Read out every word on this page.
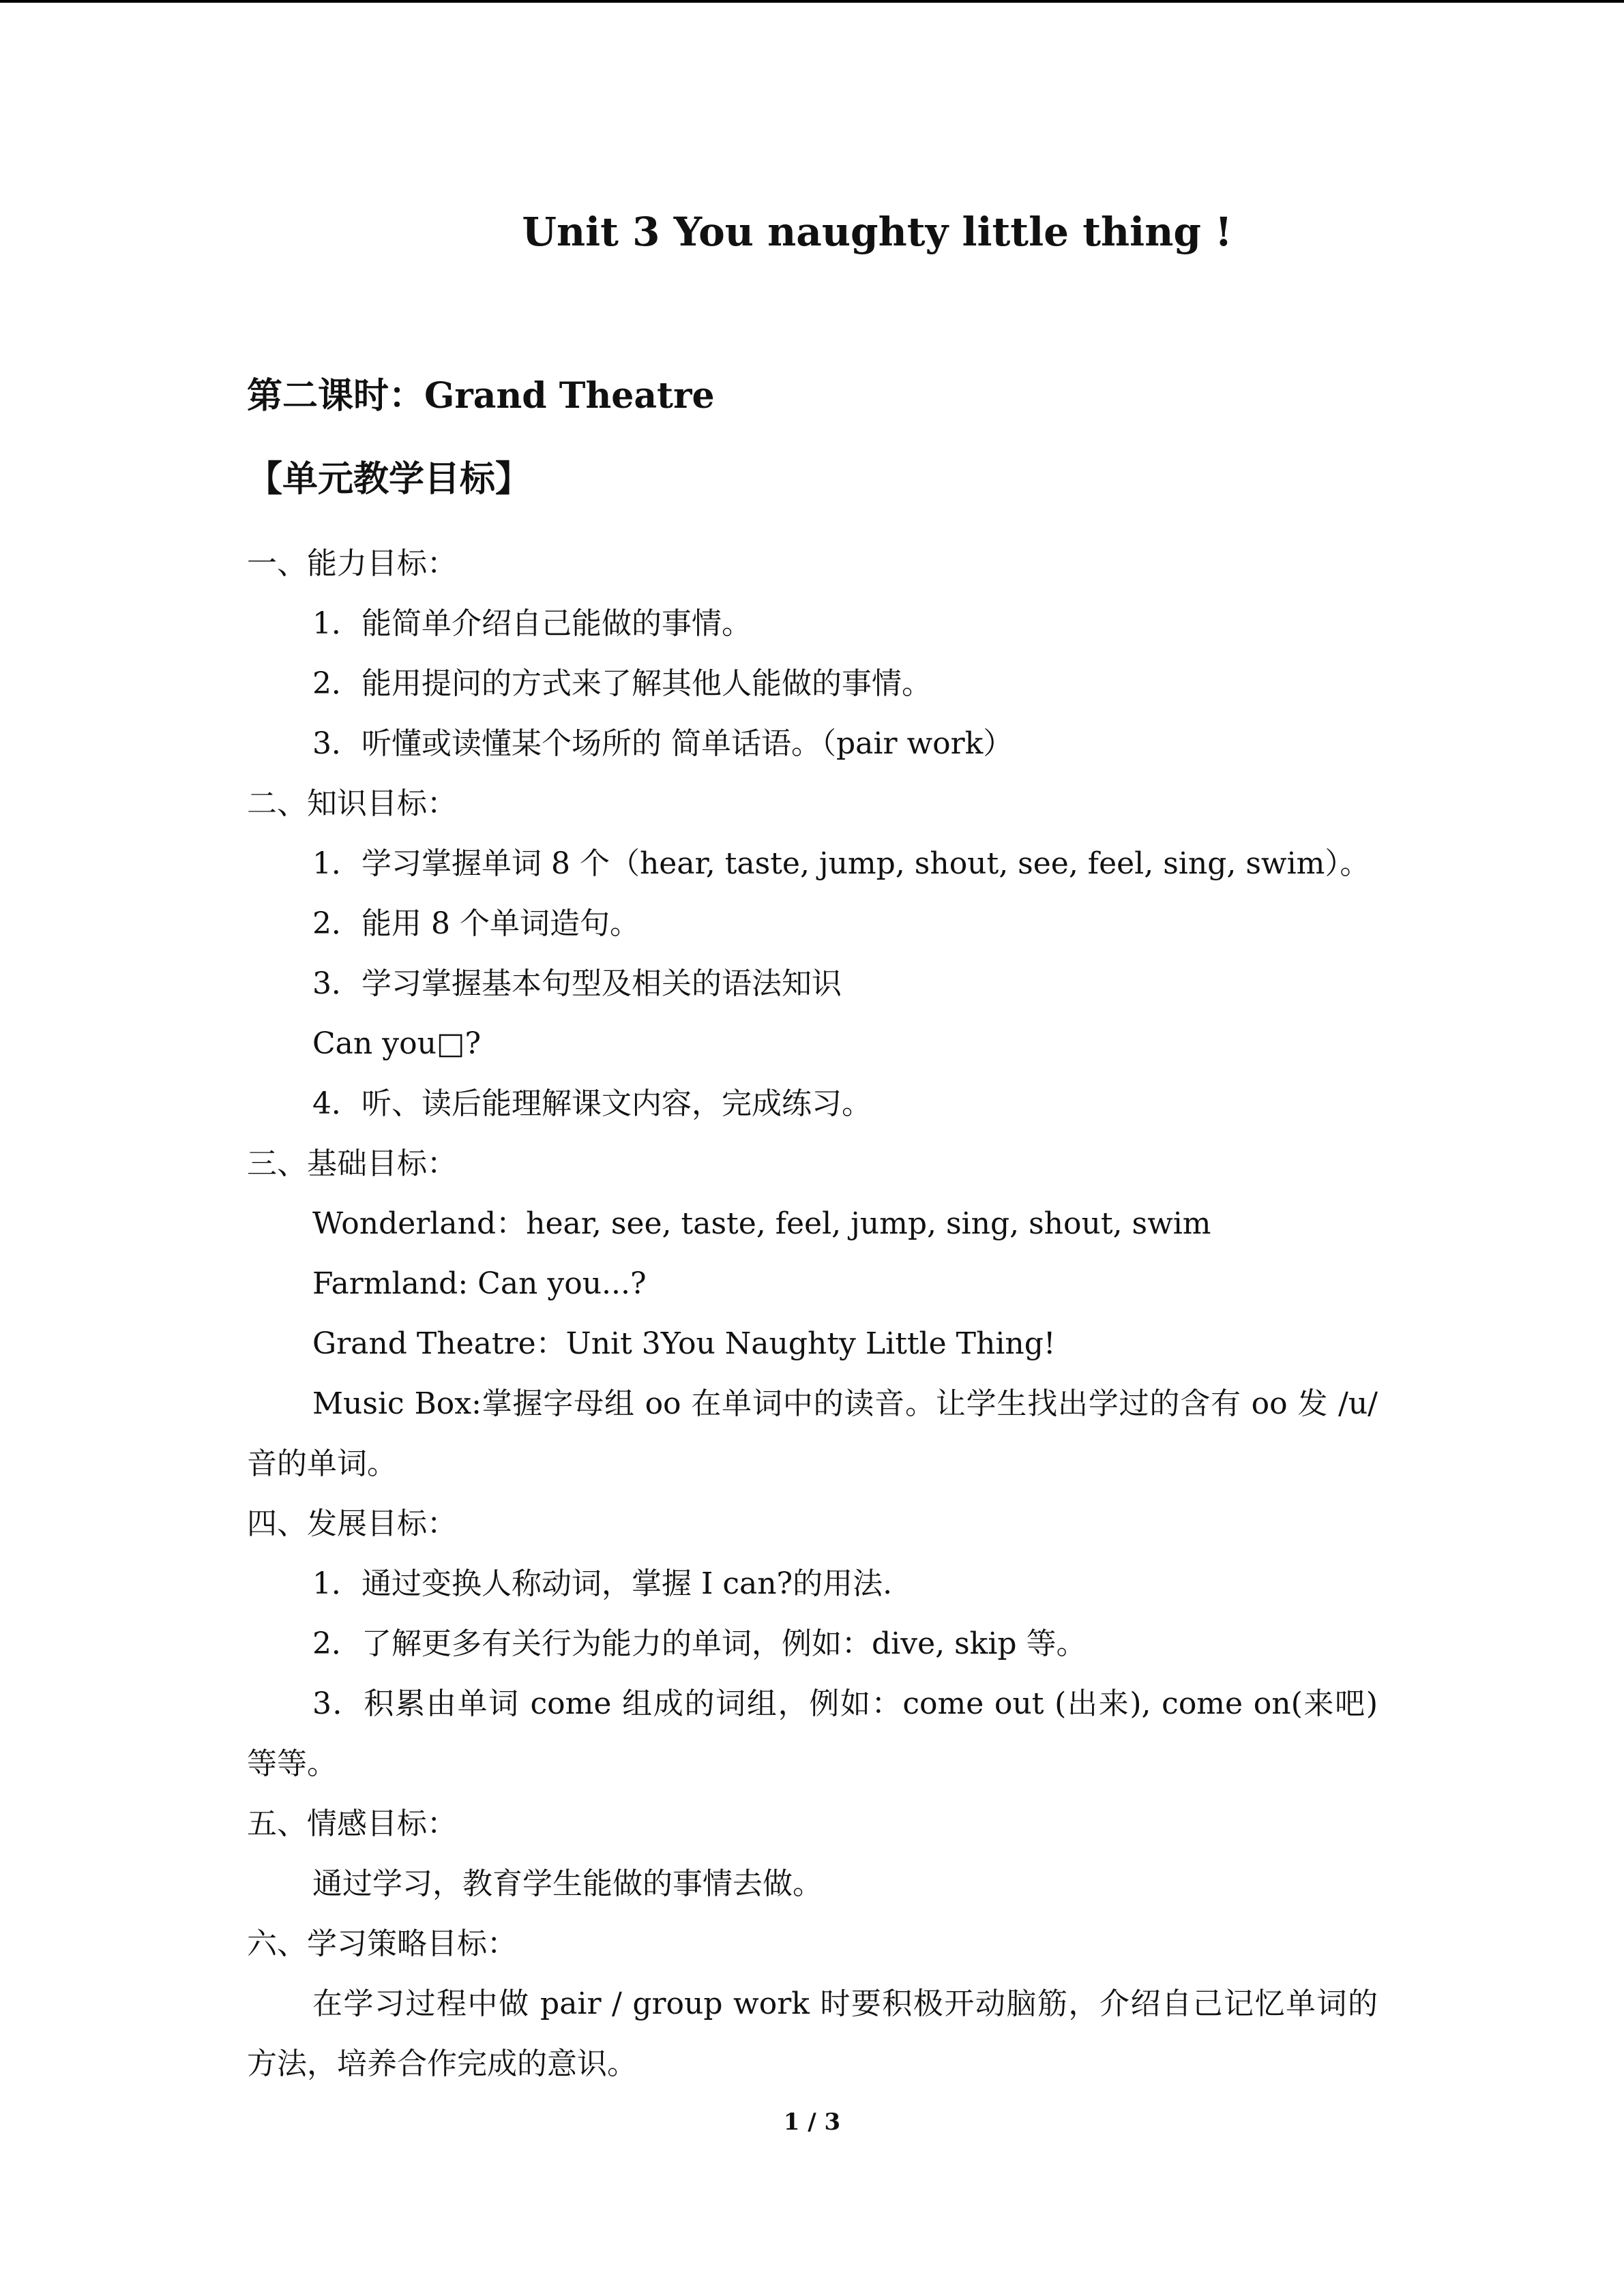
Unit 3 You naughty little thing !
第二课时：Grand Theatre
【单元教学目标】

一、能力目标：

1．能简单介绍自己能做的事情。

2．能用提问的方式来了解其他人能做的事情。

3．听懂或读懂某个场所的 简单话语。（pair work）

二、知识目标：

1．学习掌握单词 8 个（hear, taste, jump, shout, see, feel, sing, swim）。

2．能用 8 个单词造句。

3．学习掌握基本句型及相关的语法知识

Can you□?

4．听、读后能理解课文内容，完成练习。

三、基础目标：

Wonderland：hear, see, taste, feel, jump, sing, shout, swim

Farmland: Can you...?

Grand Theatre：Unit 3You Naughty Little Thing!

Music Box:掌握字母组 oo 在单词中的读音。让学生找出学过的含有 oo 发 /u/ 音的单词。

四、发展目标：

1．通过变换人称动词，掌握 I can?的用法.

2．了解更多有关行为能力的单词，例如：dive, skip 等。

3．积累由单词 come 组成的词组，例如：come out (出来), come on(来吧) 等等。

五、情感目标：

通过学习，教育学生能做的事情去做。

六、学习策略目标：

在学习过程中做 pair / group work 时要积极开动脑筋，介绍自己记忆单词的方法，培养合作完成的意识。

1 / 3
